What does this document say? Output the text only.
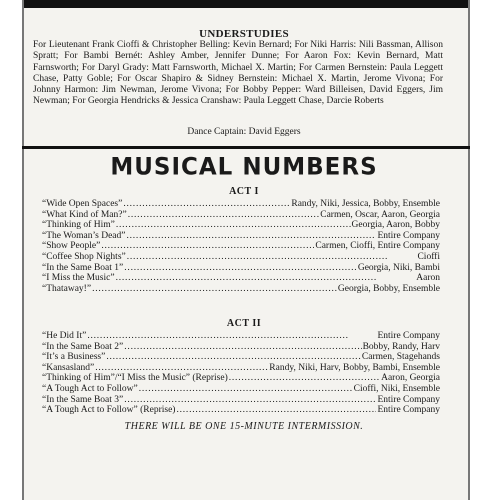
UNDERSTUDIES
For Lieutenant Frank Cioffi & Christopher Belling: Kevin Bernard; For Niki Harris: Nili Bassman, Allison Spratt; For Bambi Bernét: Ashley Amber, Jennifer Dunne; For Aaron Fox: Kevin Bernard, Matt Farnsworth; For Daryl Grady: Matt Farnsworth, Michael X. Martin; For Carmen Bernstein: Paula Leggett Chase, Patty Goble; For Oscar Shapiro & Sidney Bernstein: Michael X. Martin, Jerome Vivona; For Johnny Harmon: Jim Newman, Jerome Vivona; For Bobby Pepper: Ward Billeisen, David Eggers, Jim Newman; For Georgia Hendricks & Jessica Cranshaw: Paula Leggett Chase, Darcie Roberts
Dance Captain: David Eggers
MUSICAL NUMBERS
ACT I
“Wide Open Spaces” . . .	Randy, Niki, Jessica, Bobby, Ensemble
“What Kind of Man?” . . .	Carmen, Oscar, Aaron, Georgia
“Thinking of Him” . . .	Georgia, Aaron, Bobby
“The Woman’s Dead” . . .	Entire Company
“Show People” . . .	Carmen, Cioffi, Entire Company
“Coffee Shop Nights” . . .	Cioffi
“In the Same Boat 1” . . .	Georgia, Niki, Bambi
“I Miss the Music” . . .	Aaron
“Thataway!” . . .	Georgia, Bobby, Ensemble
ACT II
“He Did It” . . .	Entire Company
“In the Same Boat 2” . . .	Bobby, Randy, Harv
“It’s a Business” . . .	Carmen, Stagehands
“Kansasland” . . .	Randy, Niki, Harv, Bobby, Bambi, Ensemble
“Thinking of Him”/“I Miss the Music” (Reprise) . . .	Aaron, Georgia
“A Tough Act to Follow” . . .	Cioffi, Niki, Ensemble
“In the Same Boat 3” . . .	Entire Company
“A Tough Act to Follow” (Reprise) . . .	Entire Company
THERE WILL BE ONE 15-MINUTE INTERMISSION.
